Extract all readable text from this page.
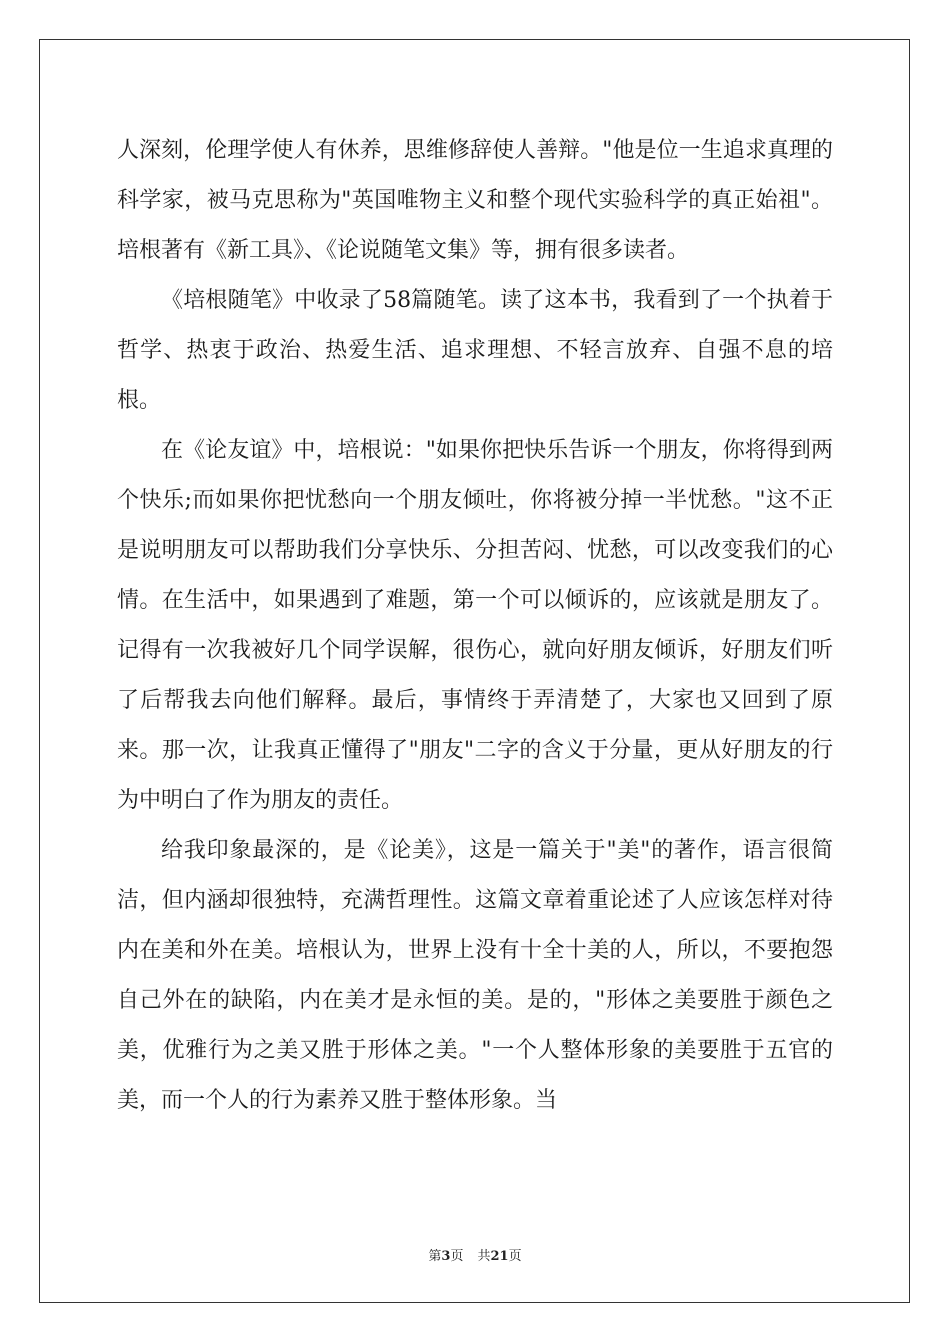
人深刻，伦理学使人有休养，思维修辞使人善辩。"他是位一生追求真理的科学家，被马克思称为"英国唯物主义和整个现代实验科学的真正始祖"。培根著有《新工具》、《论说随笔文集》等，拥有很多读者。

《培根随笔》中收录了58篇随笔。读了这本书，我看到了一个执着于哲学、热衷于政治、热爱生活、追求理想、不轻言放弃、自强不息的培根。

在《论友谊》中，培根说："如果你把快乐告诉一个朋友，你将得到两个快乐;而如果你把忧愁向一个朋友倾吐，你将被分掉一半忧愁。"这不正是说明朋友可以帮助我们分享快乐、分担苦闷、忧愁，可以改变我们的心情。在生活中，如果遇到了难题，第一个可以倾诉的，应该就是朋友了。记得有一次我被好几个同学误解，很伤心，就向好朋友倾诉，好朋友们听了后帮我去向他们解释。最后，事情终于弄清楚了，大家也又回到了原来。那一次，让我真正懂得了"朋友"二字的含义于分量，更从好朋友的行为中明白了作为朋友的责任。

给我印象最深的，是《论美》，这是一篇关于"美"的著作，语言很简洁，但内涵却很独特，充满哲理性。这篇文章着重论述了人应该怎样对待内在美和外在美。培根认为，世界上没有十全十美的人，所以，不要抱怨自己外在的缺陷，内在美才是永恒的美。是的，"形体之美要胜于颜色之美，优雅行为之美又胜于形体之美。"一个人整体形象的美要胜于五官的美，而一个人的行为素养又胜于整体形象。当

第3页 共21页
